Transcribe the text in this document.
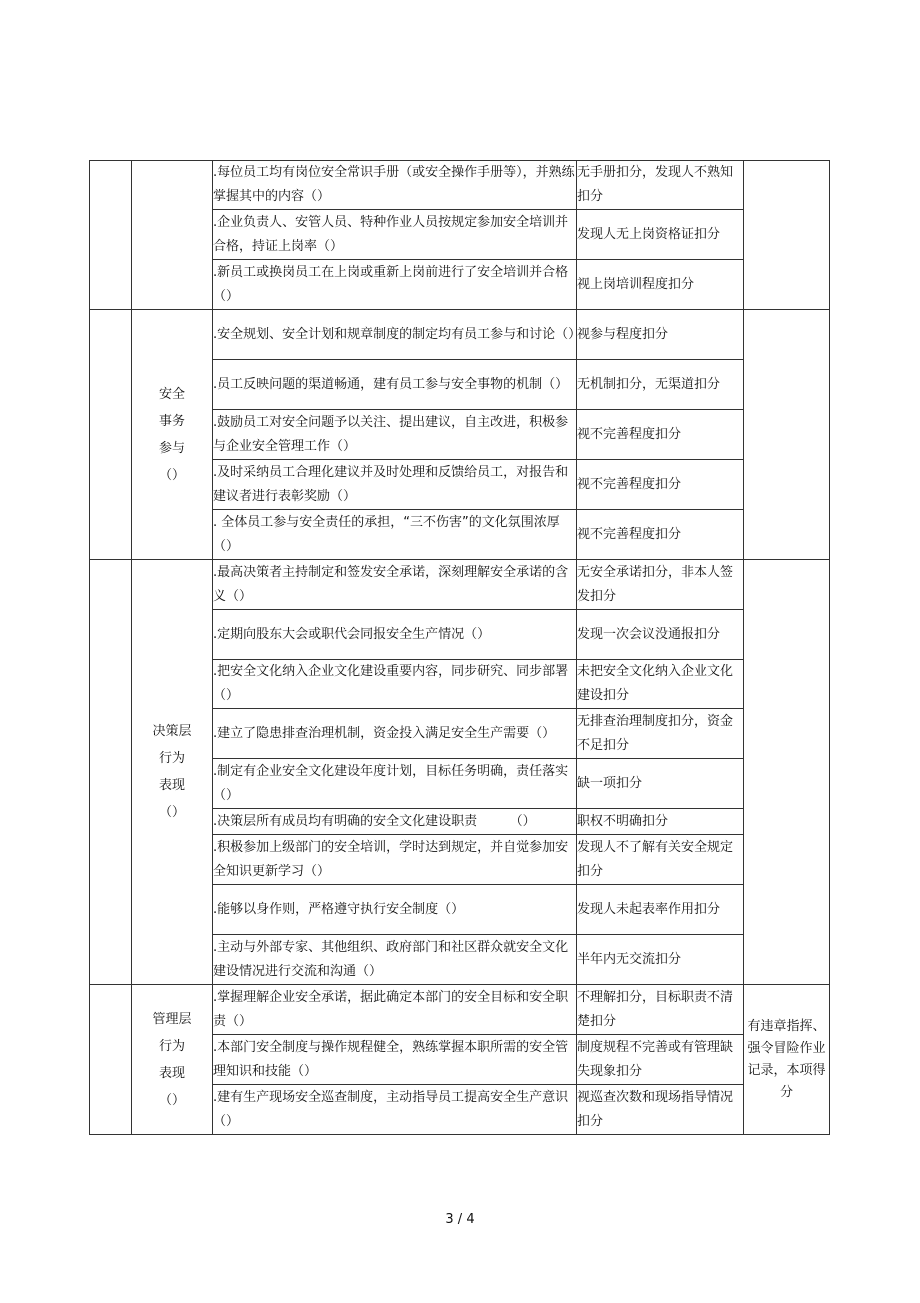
	.每位员工均有岗位安全常识手册（或安全操作手册等），并熟练掌握其中的内容（）	无手册扣分，发现人不熟知扣分	
		.企业负责人、安管人员、特种作业人员按规定参加安全培训并合格，持证上岗率（）	发现人无上岗资格证扣分	
		.新员工或换岗员工在上岗或重新上岗前进行了安全培训并合格（）	视上岗培训程度扣分	

	安全
事务
参与
（）	.安全规划、安全计划和规章制度的制定均有员工参与和讨论（）	视参与程度扣分	
		.员工反映问题的渠道畅通，建有员工参与安全事物的机制（）	无机制扣分，无渠道扣分	
		.鼓励员工对安全问题予以关注、提出建议，自主改进，积极参与企业安全管理工作（）	视不完善程度扣分	
		.及时采纳员工合理化建议并及时处理和反馈给员工，对报告和建议者进行表彰奖励（）	视不完善程度扣分	
		. 全体员工参与安全责任的承担，“三不伤害”的文化氛围浓厚（）	视不完善程度扣分	

	决策层
行为
表现
（）	.最高决策者主持制定和签发安全承诺，深刻理解安全承诺的含义（）	无安全承诺扣分，非本人签发扣分	
		.定期向股东大会或职代会同报安全生产情况（）	发现一次会议没通报扣分	
		.把安全文化纳入企业文化建设重要内容，同步研究、同步部署（）	未把安全文化纳入企业文化建设扣分	
		.建立了隐患排查治理机制，资金投入满足安全生产需要（）	无排查治理制度扣分，资金不足扣分	
		.制定有企业安全文化建设年度计划，目标任务明确，责任落实（）	缺一项扣分	
		.决策层所有成员均有明确的安全文化建设职责　　　（）	职权不明确扣分	
		.积极参加上级部门的安全培训，学时达到规定，并自觉参加安全知识更新学习（）	发现人不了解有关安全规定扣分	
		.能够以身作则，严格遵守执行安全制度（）	发现人未起表率作用扣分	
		.主动与外部专家、其他组织、政府部门和社区群众就安全文化建设情况进行交流和沟通（）	半年内无交流扣分	

	管理层
行为
表现
（）	.掌握理解企业安全承诺，据此确定本部门的安全目标和安全职责（）	不理解扣分，目标职责不清楚扣分	有违章指挥、强令冒险作业记录，本项得分
		.本部门安全制度与操作规程健全，熟练掌握本职所需的安全管理知识和技能（）	制度规程不完善或有管理缺失现象扣分	
		.建有生产现场安全巡查制度，主动指导员工提高安全生产意识（）	视巡查次数和现场指导情况扣分	
3 / 4
